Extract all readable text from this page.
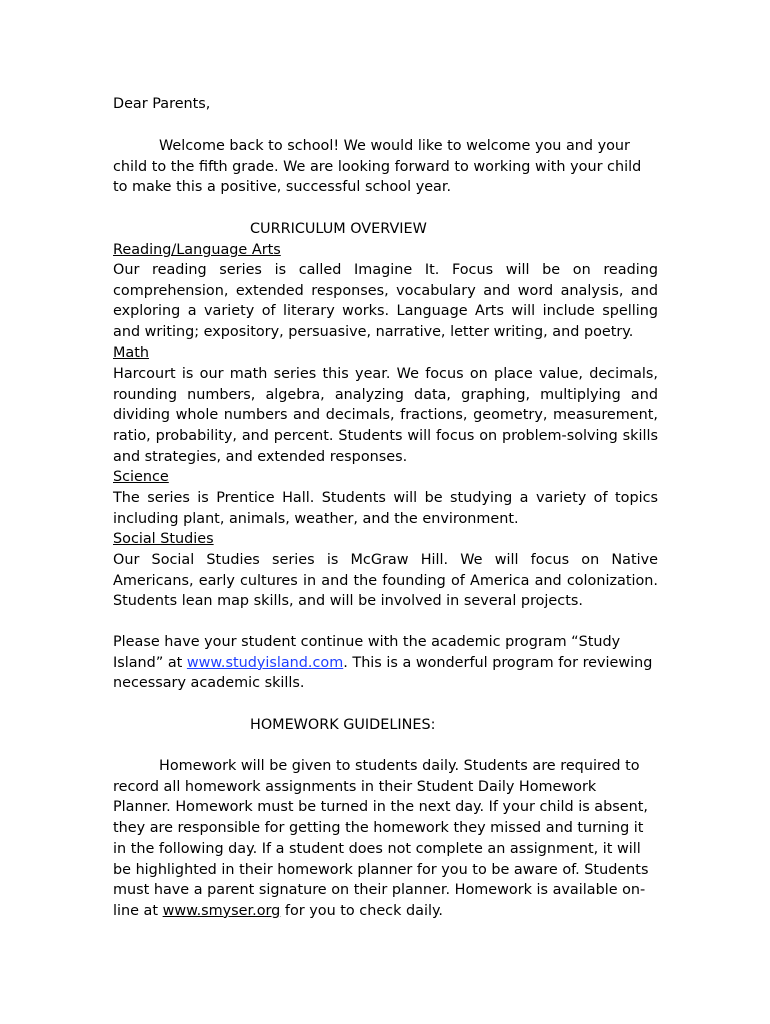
Dear Parents,

Welcome back to school! We would like to welcome you and your child to the fifth grade. We are looking forward to working with your child to make this a positive, successful school year.

CURRICULUM OVERVIEW

Reading/Language Arts

Our reading series is called Imagine It. Focus will be on reading comprehension, extended responses, vocabulary and word analysis, and exploring a variety of literary works. Language Arts will include spelling and writing; expository, persuasive, narrative, letter writing, and poetry.

Math

Harcourt is our math series this year. We focus on place value, decimals, rounding numbers, algebra, analyzing data, graphing, multiplying and dividing whole numbers and decimals, fractions, geometry, measurement, ratio, probability, and percent. Students will focus on problem-solving skills and strategies, and extended responses.

Science

The series is Prentice Hall. Students will be studying a variety of topics including plant, animals, weather, and the environment.

Social Studies

Our Social Studies series is McGraw Hill. We will focus on Native Americans, early cultures in and the founding of America and colonization. Students lean map skills, and will be involved in several projects.

Please have your student continue with the academic program “Study Island” at www.studyisland.com. This is a wonderful program for reviewing necessary academic skills.

HOMEWORK GUIDELINES:

Homework will be given to students daily. Students are required to record all homework assignments in their Student Daily Homework Planner. Homework must be turned in the next day. If your child is absent, they are responsible for getting the homework they missed and turning it in the following day. If a student does not complete an assignment, it will be highlighted in their homework planner for you to be aware of. Students must have a parent signature on their planner. Homework is available on-line at www.smyser.org for you to check daily.
